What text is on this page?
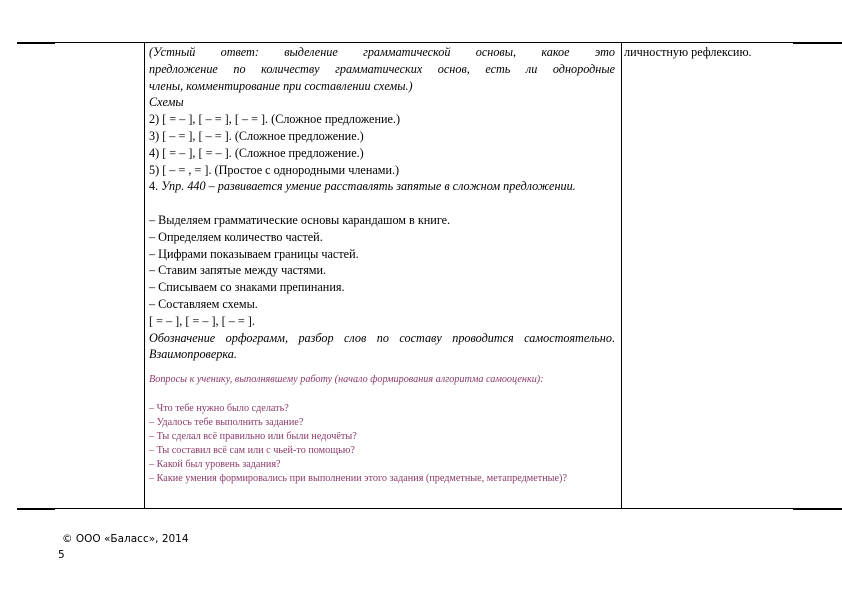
(Устный ответ: выделение грамматической основы, какое это
предложение по количеству грамматических основ, есть ли однородные
члены, комментирование при составлении схемы.)
Схемы
2) [ = – ], [ – = ], [ – = ]. (Сложное предложение.)
3) [ – = ], [ – = ]. (Сложное предложение.)
4) [ = – ], [ = – ]. (Сложное предложение.)
5) [ – = , = ]. (Простое с однородными членами.)
4. Упр. 440 – развивается умение расставлять запятые в сложном предложении.
– Выделяем грамматические основы карандашом в книге.
– Определяем количество частей.
– Цифрами показываем границы частей.
– Ставим запятые между частями.
– Списываем со знаками препинания.
– Составляем схемы.
[ = – ], [ = – ], [ – = ].
Обозначение орфограмм, разбор слов по составу проводится самостоятельно. Взаимопроверка.
Вопросы к ученику, выполнявшему работу (начало формирования алгоритма самооценки):
– Что тебе нужно было сделать?
– Удалось тебе выполнить задание?
– Ты сделал всё правильно или были недочёты?
– Ты составил всё сам или с чьей-то помощью?
– Какой был уровень задания?
– Какие умения формировались при выполнении этого задания (предметные, метапредметные)?
личностную рефлексию.
© ООО «Баласс», 2014
5
